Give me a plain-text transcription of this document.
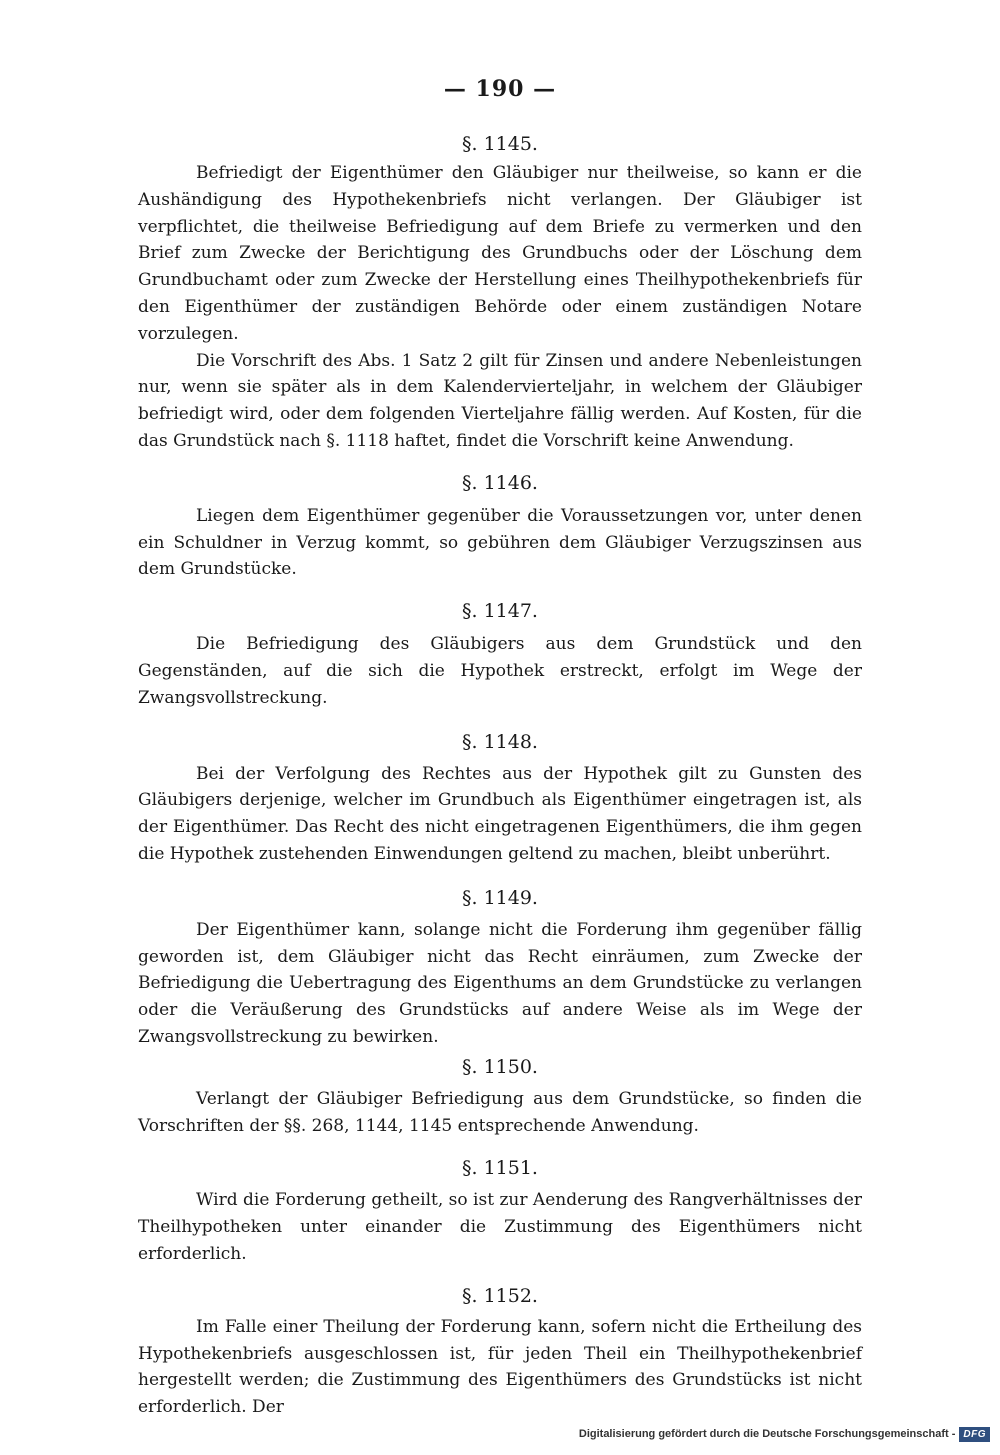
— 190 —
§. 1145.

Befriedigt der Eigenthümer den Gläubiger nur theilweise, so kann er die Aushändigung des Hypothekenbriefs nicht verlangen. Der Gläubiger ist verpflichtet, die theilweise Befriedigung auf dem Briefe zu vermerken und den Brief zum Zwecke der Berichtigung des Grundbuchs oder der Löschung dem Grundbuchamt oder zum Zwecke der Herstellung eines Theilhypothekenbriefs für den Eigenthümer der zuständigen Behörde oder einem zuständigen Notare vorzulegen.

Die Vorschrift des Abs. 1 Satz 2 gilt für Zinsen und andere Nebenleistungen nur, wenn sie später als in dem Kalendervierteljahr, in welchem der Gläubiger befriedigt wird, oder dem folgenden Vierteljahre fällig werden. Auf Kosten, für die das Grundstück nach §. 1118 haftet, findet die Vorschrift keine Anwendung.

§. 1146.

Liegen dem Eigenthümer gegenüber die Voraussetzungen vor, unter denen ein Schuldner in Verzug kommt, so gebühren dem Gläubiger Verzugszinsen aus dem Grundstücke.

§. 1147.

Die Befriedigung des Gläubigers aus dem Grundstück und den Gegenständen, auf die sich die Hypothek erstreckt, erfolgt im Wege der Zwangsvollstreckung.

§. 1148.

Bei der Verfolgung des Rechtes aus der Hypothek gilt zu Gunsten des Gläubigers derjenige, welcher im Grundbuch als Eigenthümer eingetragen ist, als der Eigenthümer. Das Recht des nicht eingetragenen Eigenthümers, die ihm gegen die Hypothek zustehenden Einwendungen geltend zu machen, bleibt unberührt.

§. 1149.

Der Eigenthümer kann, solange nicht die Forderung ihm gegenüber fällig geworden ist, dem Gläubiger nicht das Recht einräumen, zum Zwecke der Befriedigung die Uebertragung des Eigenthums an dem Grundstücke zu verlangen oder die Veräußerung des Grundstücks auf andere Weise als im Wege der Zwangsvollstreckung zu bewirken.

§. 1150.

Verlangt der Gläubiger Befriedigung aus dem Grundstücke, so finden die Vorschriften der §§. 268, 1144, 1145 entsprechende Anwendung.

§. 1151.

Wird die Forderung getheilt, so ist zur Aenderung des Rangverhältnisses der Theilhypotheken unter einander die Zustimmung des Eigenthümers nicht erforderlich.

§. 1152.

Im Falle einer Theilung der Forderung kann, sofern nicht die Ertheilung des Hypothekenbriefs ausgeschlossen ist, für jeden Theil ein Theilhypothekenbrief hergestellt werden; die Zustimmung des Eigenthümers des Grundstücks ist nicht erforderlich. Der

Digitalisierung gefördert durch die Deutsche Forschungsgemeinschaft - DFG
